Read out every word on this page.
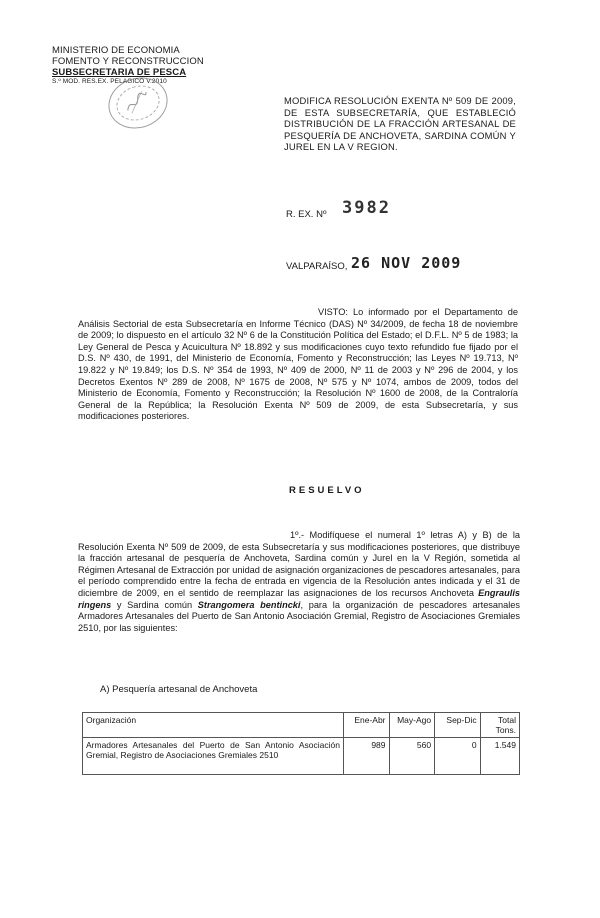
MINISTERIO DE ECONOMIA
FOMENTO Y RECONSTRUCCION
SUBSECRETARIA DE PESCA
S.º MOD. RES.EX. PELAGICO V.2010
MODIFICA RESOLUCIÓN EXENTA Nº 509 DE 2009, DE ESTA SUBSECRETARÍA, QUE ESTABLECIÓ DISTRIBUCIÓN DE LA FRACCIÓN ARTESANAL DE PESQUERÍA DE ANCHOVETA, SARDINA COMÚN Y JUREL EN LA V REGION.
R. EX. Nº 3982
VALPARAÍSO, 26 NOV 2009

VISTO: Lo informado por el Departamento de Análisis Sectorial de esta Subsecretaría en Informe Técnico (DAS) Nº 34/2009, de fecha 18 de noviembre de 2009; lo dispuesto en el artículo 32 Nº 6 de la Constitución Política del Estado; el D.F.L. Nº 5 de 1983; la Ley General de Pesca y Acuicultura Nº 18.892 y sus modificaciones cuyo texto refundido fue fijado por el D.S. Nº 430, de 1991, del Ministerio de Economía, Fomento y Reconstrucción; las Leyes Nº 19.713, Nº 19.822 y Nº 19.849; los D.S. Nº 354 de 1993, Nº 409 de 2000, Nº 11 de 2003 y Nº 296 de 2004, y los Decretos Exentos Nº 289 de 2008, Nº 1675 de 2008, Nº 575 y Nº 1074, ambos de 2009, todos del Ministerio de Economía, Fomento y Reconstrucción; la Resolución Nº 1600 de 2008, de la Contraloría General de la República; la Resolución Exenta Nº 509 de 2009, de esta Subsecretaría, y sus modificaciones posteriores.

RESUELVO

1º.- Modifíquese el numeral 1º letras A) y B) de la Resolución Exenta Nº 509 de 2009, de esta Subsecretaría y sus modificaciones posteriores, que distribuye la fracción artesanal de pesquería de Anchoveta, Sardina común y Jurel en la V Región, sometida al Régimen Artesanal de Extracción por unidad de asignación organizaciones de pescadores artesanales, para el período comprendido entre la fecha de entrada en vigencia de la Resolución antes indicada y el 31 de diciembre de 2009, en el sentido de reemplazar las asignaciones de los recursos Anchoveta Engraulis ringens y Sardina común Strangomera bentincki, para la organización de pescadores artesanales Armadores Artesanales del Puerto de San Antonio Asociación Gremial, Registro de Asociaciones Gremiales 2510, por las siguientes:

A) Pesquería artesanal de Anchoveta
Organización	Ene-Abr	May-Ago	Sep-Dic	Total Tons.
Armadores Artesanales del Puerto de San Antonio Asociación Gremial, Registro de Asociaciones Gremiales 2510	989	560	0	1.549
